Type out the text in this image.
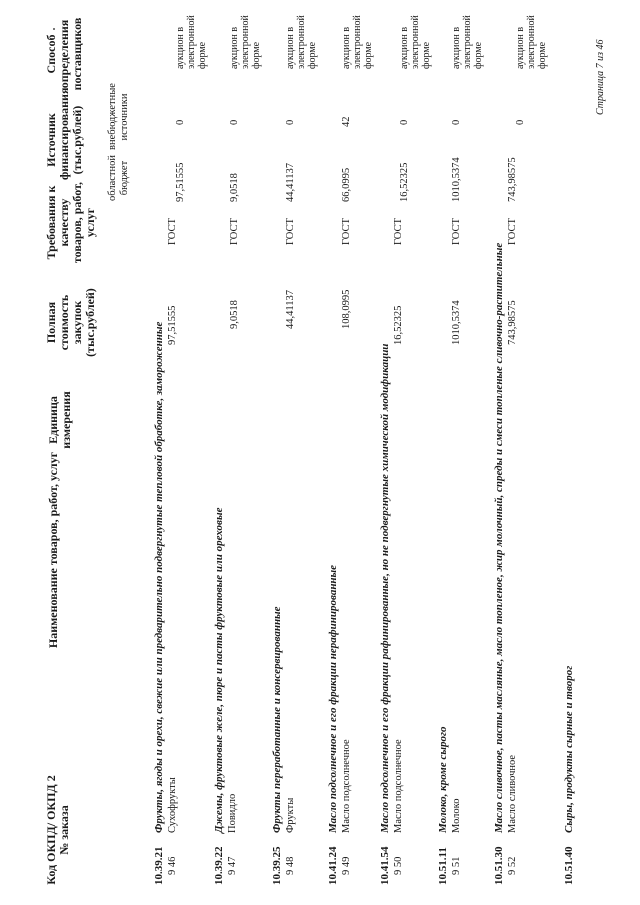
Код ОКПД/ ОКПД 2 № заказа
Наименование товаров, работ, услуг
Единица измерения
Полная стоимость закупок (тыс.рублей)
Требования к качеству товаров, работ, услуг
Источник финансирования (тыс.рублей)
областной бюджет
внебюджетные источники
Способ определения поставщиков
10.39.21
Фрукты, ягоды и орехи, свежие или предварительно подвергнутые тепловой обработке, замороженные
9 46
Сухофрукты
97,51555
ГОСТ
97,51555
0
аукцион в электронной форме
10.39.22
Джемы, фруктовые желе, пюре и пасты фруктовые или ореховые
9 47
Повидло
9,0518
ГОСТ
9,0518
0
аукцион в электронной форме
10.39.25
Фрукты переработанные и консервированные
9 48
Фрукты
44,41137
ГОСТ
44,41137
0
аукцион в электронной форме
10.41.24
Масло подсолнечное и его фракции нерафинированные
9 49
Масло подсолнечное
108,0995
ГОСТ
66,0995
42
аукцион в электронной форме
10.41.54
Масло подсолнечное и его фракции рафинированные, но не подвергнутые химической модификации
9 50
Масло подсолнечное
16,52325
ГОСТ
16,52325
0
аукцион в электронной форме
10.51.11
Молоко, кроме сырого
9 51
Молоко
1010,5374
ГОСТ
1010,5374
0
аукцион в электронной форме
10.51.30
Масло сливочное, пасты масляные, масло топленое, жир молочный, спреды и смеси топленые сливочно-растительные
9 52
Масло сливочное
743,98575
ГОСТ
743,98575
0
аукцион в электронной форме
10.51.40
Сыры, продукты сырные и творог
Страница 7 из 46
